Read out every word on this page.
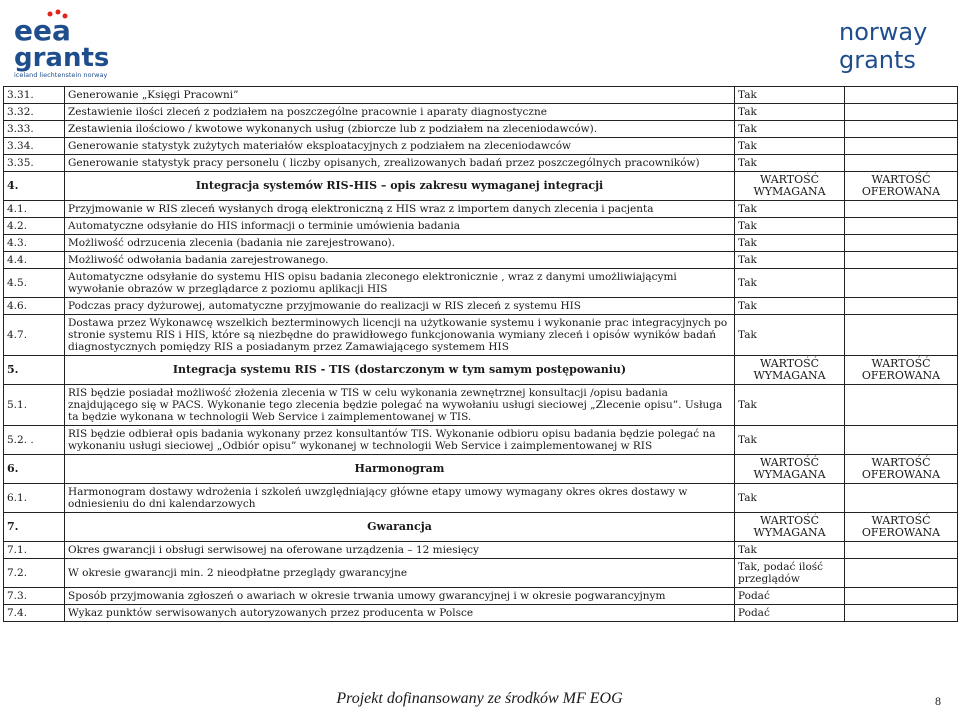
eea
grants
iceland liechtenstein norway
norway
grants
3.31.	Generowanie „Księgi Pracowni”	Tak	
3.32.	Zestawienie ilości zleceń z podziałem na poszczególne pracownie i aparaty diagnostyczne	Tak	
3.33.	Zestawienia ilościowo / kwotowe wykonanych usług (zbiorcze lub z podziałem na zleceniodawców).	Tak	
3.34.	Generowanie statystyk zużytych materiałów eksploatacyjnych z podziałem na zleceniodawców	Tak	
3.35.	Generowanie statystyk pracy personelu ( liczby opisanych, zrealizowanych badań przez poszczególnych pracowników)	Tak	
4.	Integracja systemów RIS-HIS – opis zakresu wymaganej integracji	WARTOŚĆ WYMAGANA	WARTOŚĆ OFEROWANA
4.1.	Przyjmowanie w RIS zleceń wysłanych drogą elektroniczną z HIS wraz z importem danych zlecenia i pacjenta	Tak	
4.2.	Automatyczne odsyłanie do HIS informacji o terminie umówienia badania	Tak	
4.3.	Możliwość odrzucenia zlecenia (badania nie zarejestrowano).	Tak	
4.4.	Możliwość odwołania badania zarejestrowanego.	Tak	
4.5.	Automatyczne odsyłanie do systemu HIS opisu badania zleconego elektronicznie , wraz z danymi umożliwiającymi wywołanie obrazów w przeglądarce z poziomu aplikacji HIS	Tak	
4.6.	Podczas pracy dyżurowej, automatyczne przyjmowanie do realizacji w RIS zleceń z systemu HIS	Tak	
4.7.	Dostawa przez Wykonawcę wszelkich bezterminowych licencji na użytkowanie systemu i wykonanie prac integracyjnych po stronie systemu RIS i HIS, które są niezbędne do prawidłowego funkcjonowania wymiany zleceń i opisów wyników badań diagnostycznych pomiędzy RIS a posiadanym przez Zamawiającego systemem HIS	Tak	
5.	Integracja systemu RIS - TIS (dostarczonym w tym samym postępowaniu)	WARTOŚĆ WYMAGANA	WARTOŚĆ OFEROWANA
5.1.	RIS będzie posiadał możliwość złożenia zlecenia w TIS w celu wykonania zewnętrznej konsultacji /opisu badania znajdującego się w PACS. Wykonanie tego zlecenia będzie polegać na wywołaniu usługi sieciowej „Zlecenie opisu”. Usługa ta będzie wykonana w technologii Web Service i zaimplementowanej w TIS.	Tak	
5.2. .	RIS będzie odbierał opis badania wykonany przez konsultantów TIS. Wykonanie odbioru opisu badania będzie polegać na wykonaniu usługi sieciowej „Odbiór opisu” wykonanej w technologii Web Service i zaimplementowanej w RIS	Tak	
6.	Harmonogram	WARTOŚĆ WYMAGANA	WARTOŚĆ OFEROWANA
6.1.	Harmonogram dostawy wdrożenia i szkoleń uwzględniający główne etapy umowy wymagany okres okres dostawy w odniesieniu do dni kalendarzowych	Tak	
7.	Gwarancja	WARTOŚĆ WYMAGANA	WARTOŚĆ OFEROWANA
7.1.	Okres gwarancji i obsługi serwisowej na oferowane urządzenia – 12 miesięcy	Tak	
7.2.	W okresie gwarancji min. 2 nieodpłatne przeglądy gwarancyjne	Tak, podać ilość przeglądów	
7.3.	Sposób przyjmowania zgłoszeń o awariach w okresie trwania umowy gwarancyjnej i w okresie pogwarancyjnym	Podać	
7.4.	Wykaz punktów serwisowanych autoryzowanych przez producenta w Polsce	Podać	
Projekt dofinansowany ze środków MF EOG	8
